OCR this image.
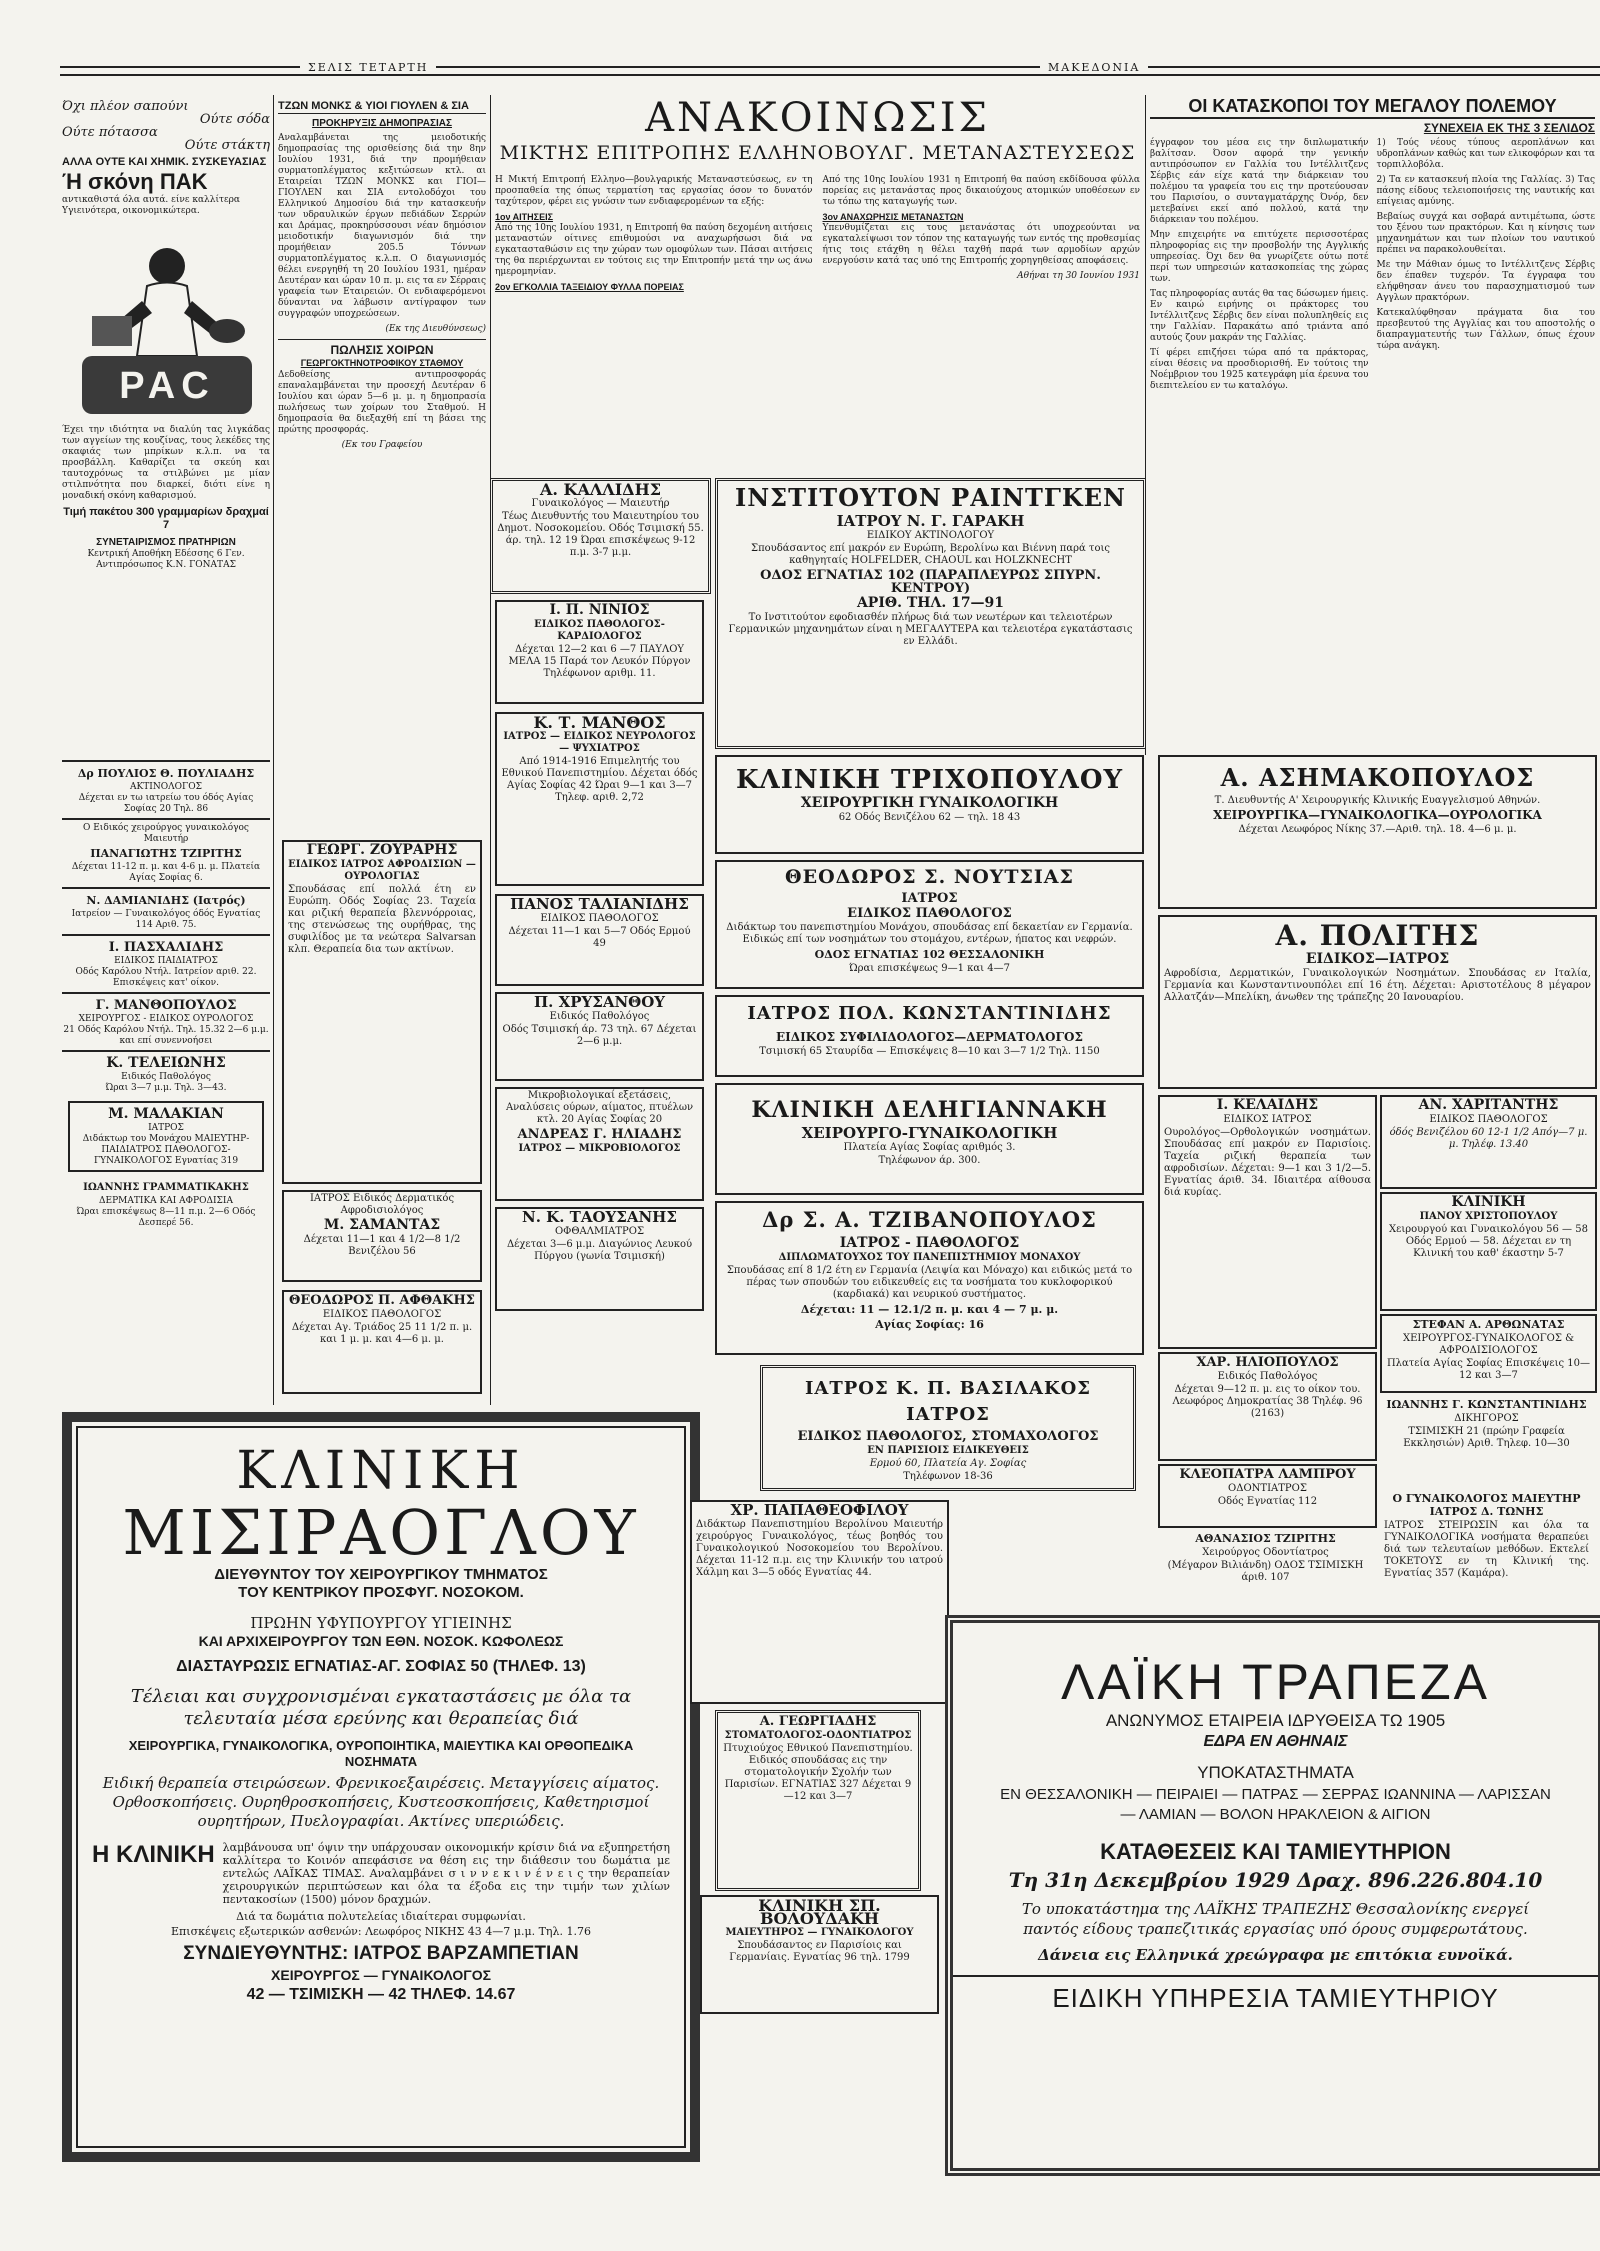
ΣΕΛΙΣ ΤΕΤΑΡΤΗ	ΜΑΚΕΔΟΝΙΑ
Όχι πλέον σαπούνι
Ούτε σόδα
Ούτε πότασσα
Ούτε στάκτη
ΑΛΛΑ ΟΥΤΕ ΚΑΙ ΧΗΜΙΚ. ΣΥΣΚΕΥΑΣΙΑΣ
Ή σκόνη ΠΑΚ
αντικαθιστά όλα αυτά. είνε καλλίτερα Υγιεινότερα, οικονομικώτερα.
PAC

Έχει την ιδιότητα να διαλύη τας λιγκάδας των αγγείων της κουζίνας, τους λεκέδες της σκαφιάς των μπρίκων κ.λ.π. να τα προσβάλλη. Καθαρίζει τα σκεύη και ταυτοχρόνως τα στιλβώνει με μίαν στιλπνότητα που διαρκεί, διότι είνε η μοναδική σκόνη καθαρισμού.

Τιμή πακέτου 300 γραμμαρίων δραχμαί 7
ΣΥΝΕΤΑΙΡΙΣΜΟΣ ΠΡΑΤΗΡΙΩΝ
Κεντρική Αποθήκη Εδέσσης 6 Γεν. Αντιπρόσωπος Κ.Ν. ΓΟΝΑΤΑΣ
Δρ ΠΟΥΛΙΟΣ Θ. ΠΟΥΛΙΑΔΗΣ
ΑΚΤΙΝΟΛΟΓΟΣ
Δέχεται εν τω ιατρείω του όδός Αγίας Σοφίας 20 Τηλ. 86
Ο Ειδικός χειρούργος γυναικολόγος Μαιευτήρ
ΠΑΝΑΓΙΩΤΗΣ ΤΖΙΡΙΤΗΣ
Δέχεται 11-12 π. μ. και 4-6 μ. μ. Πλατεία Αγίας Σοφίας 6.
Ν. ΔΑΜΙΑΝΙΔΗΣ (Ιατρός)
Ιατρείον — Γυναικολόγος όδός Εγνατίας 114 Αριθ. 75.
Ι. ΠΑΣΧΑΛΙΔΗΣ
ΕΙΔΙΚΟΣ ΠΑΙΔΙΑΤΡΟΣ
Οδός Καρόλου Ντήλ. Ιατρείον αριθ. 22. Επισκέψεις κατ' οίκον.
Γ. ΜΑΝΘΟΠΟΥΛΟΣ
ΧΕΙΡΟΥΡΓΟΣ - ΕΙΔΙΚΟΣ ΟΥΡΟΛΟΓΟΣ
21 Οδός Καρόλου Ντήλ. Τηλ. 15.32 2—6 μ.μ. και επί συνεννοήσει
Κ. ΤΕΛΕΙΩΝΗΣ
Ειδικός Παθολόγος
Ώραι 3—7 μ.μ. Τηλ. 3—43.
Μ. ΜΑΛΑΚΙΑΝ
ΙΑΤΡΟΣ
Διδάκτωρ του Μονάχου ΜΑΙΕΥΤΗΡ-ΠΑΙΔΙΑΤΡΟΣ ΠΑΘΟΛΟΓΟΣ-ΓΥΝΑΙΚΟΛΟΓΟΣ Εγνατίας 319
ΙΩΑΝΝΗΣ ΓΡΑΜΜΑΤΙΚΑΚΗΣ
ΔΕΡΜΑΤΙΚΑ ΚΑΙ ΑΦΡΟΔΙΣΙΑ
Ώραι επισκέψεως 8—11 π.μ. 2—6 Οδός Δεσπερέ 56.
ΤΖΩΝ ΜΟΝΚΣ & ΥΙΟΙ ΓΙΟΥΛΕΝ & ΣΙΑ
ΠΡΟΚΗΡΥΞΙΣ ΔΗΜΟΠΡΑΣΙΑΣ

Αναλαμβάνεται της μειοδοτικής δημοπρασίας της ορισθείσης διά την 8ην Ιουλίου 1931, διά την προμήθειαν συρματοπλέγματος κεξιτώσεων κτλ. αι Εταιρείαι ΤΖΩΝ ΜΟΝΚΣ και ΓΙΟΙ—ΓΙΟΥΛΕΝ και ΣΙΑ εντολοδόχοι του Ελληνικού Δημοσίου διά την κατασκευήν των υδραυλικών έργων πεδιάδων Σερρών και Δράμας, προκηρύσσουσι νέαν δημόσιον μειοδοτικήν διαγωνισμόν διά την προμήθειαν 205.5 Τόννων συρματοπλέγματος κ.λ.π. Ο διαγωνισμός θέλει ενεργηθή τη 20 Ιουλίου 1931, ημέραν Δευτέραν και ώραν 10 π. μ. εις τα εν Σέρραις γραφεία των Εταιρειών. Οι ενδιαφερόμενοι δύνανται να λάβωσιν αντίγραφον των συγγραφών υποχρεώσεων.

(Εκ της Διευθύνσεως)
ΠΩΛΗΣΙΣ ΧΟΙΡΩΝ
ΓΕΩΡΓΟΚΤΗΝΟΤΡΟΦΙΚΟΥ ΣΤΑΘΜΟΥ

Δεδοθείσης αντιπροσφοράς επαναλαμβάνεται την προσεχή Δευτέραν 6 Ιουλίου και ώραν 5—6 μ. μ. η δημοπρασία πωλήσεως των χοίρων του Σταθμού. Η δημοπρασία θα διεξαχθή επί τη βάσει της πρώτης προσφοράς.

(Εκ του Γραφείου
ΓΕΩΡΓ. ΖΟΥΡΑΡΗΣ
ΕΙΔΙΚΟΣ ΙΑΤΡΟΣ ΑΦΡΟΔΙΣΙΩΝ — ΟΥΡΟΛΟΓΙΑΣ
Σπουδάσας επί πολλά έτη εν Ευρώπη. Οδός Σοφίας 23. Ταχεία και ριζική θεραπεία βλεννόρροιας, της στενώσεως της ουρήθρας, της συφιλίδος με τα νεώτερα Salvarsan κλπ. Θεραπεία δια των ακτίνων.
ΙΑΤΡΟΣ Ειδικός Δερματικός Αφροδισιολόγος
Μ. ΣΑΜΑΝΤΑΣ
Δέχεται 11—1 και 4 1/2—8 1/2 Βενιζέλου 56
ΘΕΟΔΩΡΟΣ Π. ΑΦΘΑΚΗΣ
ΕΙΔΙΚΟΣ ΠΑΘΟΛΟΓΟΣ
Δέχεται Αγ. Τριάδος 25 11 1/2 π. μ. και 1 μ. μ. και 4—6 μ. μ.
ΑΝΑΚΟΙΝΩΣΙΣ
ΜΙΚΤΗΣ ΕΠΙΤΡΟΠΗΣ ΕΛΛΗΝΟΒΟΥΛΓ. ΜΕΤΑΝΑΣΤΕΥΣΕΩΣ

Η Μικτή Επιτροπή Ελληνο—βουλγαρικής Μεταναστεύσεως, εν τη προσπαθεία της όπως τερματίση τας εργασίας όσον το δυνατόν ταχύτερον, φέρει εις γνώσιν των ενδιαφερομένων τα εξής:

1ον ΑΙΤΗΣΕΙΣ

Από της 10ης Ιουλίου 1931, η Επιτροπή θα παύση δεχομένη αιτήσεις μεταναστών οίτινες επιθυμούσι να αναχωρήσωσι διά να εγκατασταθώσιν εις την χώραν των ομοφύλων των. Πάσαι αιτήσεις της θα περιέρχωνται εν τούτοις εις την Επιτροπήν μετά την ως άνω ημερομηνίαν.

2ον ΕΓΚΟΛΛΙΑ ΤΑΞΕΙΔΙΟΥ ΦΥΛΛΑ ΠΟΡΕΙΑΣ

Από της 10ης Ιουλίου 1931 η Επιτροπή θα παύση εκδίδουσα φύλλα πορείας εις μετανάστας προς δικαιούχους ατομικών υποθέσεων εν τω τόπω της καταγωγής των.

3ον ΑΝΑΧΩΡΗΣΙΣ ΜΕΤΑΝΑΣΤΩΝ

Υπενθυμίζεται εις τους μετανάστας ότι υποχρεούνται να εγκαταλείψωσι τον τόπον της καταγωγής των εντός της προθεσμίας ήτις τοις ετάχθη η θέλει ταχθή παρά των αρμοδίων αρχών ενεργούσιν κατά τας υπό της Επιτροπής χορηγηθείσας αποφάσεις.

Αθήναι τη 30 Ιουνίου 1931
Α. ΚΑΛΛΙΔΗΣ
Γυναικολόγος — Μαιευτήρ
Τέως Διευθυντής του Μαιευτηρίου του Δημοτ. Νοσοκομείου. Οδός Τσιμισκή 55. άρ. τηλ. 12 19 Ώραι επισκέψεως 9-12 π.μ. 3-7 μ.μ.
Ι. Π. ΝΙΝΙΟΣ
ΕΙΔΙΚΟΣ ΠΑΘΟΛΟΓΟΣ-ΚΑΡΔΙΟΛΟΓΟΣ
Δέχεται 12—2 και 6 —7 ΠΑΥΛΟΥ ΜΕΛΑ 15 Παρά τον Λευκόν Πύργον Τηλέφωνον αριθμ. 11.
Κ. Τ. ΜΑΝΘΟΣ
ΙΑΤΡΟΣ — ΕΙΔΙΚΟΣ ΝΕΥΡΟΛΟΓΟΣ — ΨΥΧΙΑΤΡΟΣ
Από 1914-1916 Επιμελητής του Εθνικού Πανεπιστημίου. Δέχεται όδός Αγίας Σοφίας 42 Ώραι 9—1 και 3—7 Τηλεφ. αριθ. 2,72
ΠΑΝΟΣ ΤΑΛΙΑΝΙΔΗΣ
ΕΙΔΙΚΟΣ ΠΑΘΟΛΟΓΟΣ
Δέχεται 11—1 και 5—7 Οδός Ερμού 49
Π. ΧΡΥΣΑΝΘΟΥ
Ειδικός Παθολόγος
Οδός Τσιμισκή άρ. 73 τηλ. 67 Δέχεται 2—6 μ.μ.
Μικροβιολογικαί εξετάσεις, Αναλύσεις ούρων, αίματος, πτυέλων κτλ. 20 Αγίας Σοφίας 20
ΑΝΔΡΕΑΣ Γ. ΗΛΙΑΔΗΣ
ΙΑΤΡΟΣ — ΜΙΚΡΟΒΙΟΛΟΓΟΣ
Ν. Κ. ΤΑΟΥΣΑΝΗΣ
ΟΦΘΑΛΜΙΑΤΡΟΣ
Δέχεται 3—6 μ.μ. Διαγώνιος Λευκού Πύργου (γωνία Τσιμισκή)
ΙΝΣΤΙΤΟΥΤΟΝ ΡΑΙΝΤΓΚΕΝ
ΙΑΤΡΟΥ Ν. Γ. ΓΑΡΑΚΗ
ΕΙΔΙΚΟΥ ΑΚΤΙΝΟΛΟΓΟΥ
Σπουδάσαντος επί μακρόν εν Ευρώπη, Βερολίνω και Βιέννη παρά τοις καθηγηταίς HOLFELDER, CHAOUL και HOLZKNECHT
ΟΔΟΣ ΕΓΝΑΤΙΑΣ 102 (ΠΑΡΑΠΛΕΥΡΩΣ ΣΠΥΡΝ. ΚΕΝΤΡΟΥ)
ΑΡΙΘ. ΤΗΛ. 17—91
Το Ινστιτούτον εφοδιασθέν πλήρως διά των νεωτέρων και τελειοτέρων Γερμανικών μηχανημάτων είναι η ΜΕΓΑΛΥΤΕΡΑ και τελειοτέρα εγκατάστασις εν Ελλάδι.
ΚΛΙΝΙΚΗ ΤΡΙΧΟΠΟΥΛΟΥ
ΧΕΙΡΟΥΡΓΙΚΗ ΓΥΝΑΙΚΟΛΟΓΙΚΗ
62 Οδός Βενιζέλου 62 — τηλ. 18 43
ΘΕΟΔΩΡΟΣ Σ. ΝΟΥΤΣΙΑΣ
ΙΑΤΡΟΣ
ΕΙΔΙΚΟΣ ΠΑΘΟΛΟΓΟΣ
Διδάκτωρ του πανεπιστημίου Μονάχου, σπουδάσας επί δεκαετίαν εν Γερμανία. Ειδικώς επί των νοσημάτων του στομάχου, εντέρων, ήπατος και νεφρών.
ΟΔΟΣ ΕΓΝΑΤΙΑΣ 102 ΘΕΣΣΑΛΟΝΙΚΗ
Ώραι επισκέψεως 9—1 και 4—7
ΙΑΤΡΟΣ ΠΟΛ. ΚΩΝΣΤΑΝΤΙΝΙΔΗΣ
ΕΙΔΙΚΟΣ ΣΥΦΙΛΙΔΟΛΟΓΟΣ—ΔΕΡΜΑΤΟΛΟΓΟΣ
Τσιμισκή 65 Σταυρίδα — Επισκέψεις 8—10 και 3—7 1/2 Τηλ. 1150
ΚΛΙΝΙΚΗ ΔΕΛΗΓΙΑΝΝΑΚΗ
ΧΕΙΡΟΥΡΓΟ-ΓΥΝΑΙΚΟΛΟΓΙΚΗ
Πλατεία Αγίας Σοφίας αριθμός 3.
Τηλέφωνον άρ. 300.
Δρ Σ. Α. ΤΖΙΒΑΝΟΠΟΥΛΟΣ
ΙΑΤΡΟΣ - ΠΑΘΟΛΟΓΟΣ
ΔΙΠΛΩΜΑΤΟΥΧΟΣ ΤΟΥ ΠΑΝΕΠΙΣΤΗΜΙΟΥ ΜΟΝΑΧΟΥ
Σπουδάσας επί 8 1/2 έτη εν Γερμανία (Λειψία και Μόναχο) και ειδικώς μετά το πέρας των σπουδών του ειδικευθείς εις τα νοσήματα του κυκλοφορικού (καρδιακά) και νευρικού συστήματος.
Δέχεται: 11 — 12.1/2 π. μ. και 4 — 7 μ. μ.
Αγίας Σοφίας: 16
ΙΑΤΡΟΣ Κ. Π. ΒΑΣΙΛΑΚΟΣ ΙΑΤΡΟΣ
ΕΙΔΙΚΟΣ ΠΑΘΟΛΟΓΟΣ, ΣΤΟΜΑΧΟΛΟΓΟΣ
ΕΝ ΠΑΡΙΣΙΟΙΣ ΕΙΔΙΚΕΥΘΕΙΣ
Ερμού 60, Πλατεία Αγ. Σοφίας
Τηλέφωνον 18-36
ΚΛΙΝΙΚΗ
ΜΙΣΙΡΑΟΓΛΟΥ
ΔΙΕΥΘΥΝΤΟΥ ΤΟΥ ΧΕΙΡΟΥΡΓΙΚΟΥ ΤΜΗΜΑΤΟΣ
ΤΟΥ ΚΕΝΤΡΙΚΟΥ ΠΡΟΣΦΥΓ. ΝΟΣΟΚΟΜ.
ΠΡΩΗΝ ΥΦΥΠΟΥΡΓΟΥ ΥΓΙΕΙΝΗΣ
ΚΑΙ ΑΡΧΙΧΕΙΡΟΥΡΓΟΥ ΤΩΝ ΕΘΝ. ΝΟΣΟΚ. ΚΩΦΟΛΕΩΣ
ΔΙΑΣΤΑΥΡΩΣΙΣ ΕΓΝΑΤΙΑΣ-ΑΓ. ΣΟΦΙΑΣ 50 (ΤΗΛΕΦ. 13)
Τέλειαι και συγχρονισμέναι εγκαταστάσεις με όλα τα τελευταία μέσα ερεύνης και θεραπείας διά
ΧΕΙΡΟΥΡΓΙΚΑ, ΓΥΝΑΙΚΟΛΟΓΙΚΑ, ΟΥΡΟΠΟΙΗΤΙΚΑ, ΜΑΙΕΥΤΙΚΑ ΚΑΙ ΟΡΘΟΠΕΔΙΚΑ ΝΟΣΗΜΑΤΑ
Ειδική θεραπεία στειρώσεων. Φρενικοεξαιρέσεις. Μεταγγίσεις αίματος. Ορθοσκοπήσεις. Ουρηθροσκοπήσεις, Κυστεοσκοπήσεις, Καθετηρισμοί ουρητήρων, Πυελογραφίαι. Ακτίνες υπεριώδεις.
Η ΚΛΙΝΙΚΗ λαμβάνουσα υπ' όψιν την υπάρχουσαν οικονομικήν κρίσιν διά να εξυπηρετήση καλλίτερα το Κοινόν απεφάσισε να θέση εις την διάθεσιν του δωμάτια με εντελώς ΛΑΪΚΑΣ ΤΙΜΑΣ. Αναλαμβάνει σ ι ν ν ε κ ι ν έ ν ε ι ς την θεραπείαν χειρουργικών περιπτώσεων και όλα τα έξοδα εις την τιμήν των χιλίων πεντακοσίων (1500) μόνον δραχμών.
Διά τα δωμάτια πολυτελείας ιδιαίτεραι συμφωνίαι.
Επισκέψεις εξωτερικών ασθενών: Λεωφόρος ΝΙΚΗΣ 43 4—7 μ.μ. Τηλ. 1.76
ΣΥΝΔΙΕΥΘΥΝΤΗΣ: ΙΑΤΡΟΣ ΒΑΡΖΑΜΠΕΤΙΑΝ
ΧΕΙΡΟΥΡΓΟΣ — ΓΥΝΑΙΚΟΛΟΓΟΣ
42 — ΤΣΙΜΙΣΚΗ — 42 ΤΗΛΕΦ. 14.67
ΧΡ. ΠΑΠΑΘΕΟΦΙΛΟΥ
Διδάκτωρ Πανεπιστημίου Βερολίνου Μαιευτήρ χειρούργος Γυναικολόγος, τέως βοηθός του Γυναικολογικού Νοσοκομείου του Βερολίνου. Δέχεται 11-12 π.μ. εις την Κλινικήν του ιατρού Χάλμη και 3—5 οδός Εγνατίας 44.
Α. ΓΕΩΡΓΙΑΔΗΣ
ΣΤΟΜΑΤΟΛΟΓΟΣ-ΟΔΟΝΤΙΑΤΡΟΣ
Πτυχιούχος Εθνικού Πανεπιστημίου. Ειδικός σπουδάσας εις την στοματολογικήν Σχολήν των Παρισίων. ΕΓΝΑΤΙΑΣ 327 Δέχεται 9—12 και 3—7
ΚΛΙΝΙΚΗ ΣΠ. ΒΟΛΟΥΔΑΚΗ
ΜΑΙΕΥΤΗΡΟΣ — ΓΥΝΑΙΚΟΛΟΓΟΥ
Σπουδάσαντος εν Παρισίοις και Γερμανίαις. Εγνατίας 96 τηλ. 1799
ΟΙ ΚΑΤΑΣΚΟΠΟΙ ΤΟΥ ΜΕΓΑΛΟΥ ΠΟΛΕΜΟΥ
ΣΥΝΕΧΕΙΑ ΕΚ ΤΗΣ 3 ΣΕΛΙΔΟΣ

έγγραφον του μέσα εις την διπλωματικήν βαλίτσαν. Όσον αφορά την γενικήν αντιπρόσωπον εν Γαλλία του Ιντέλλιτζενς Σέρβις εάν είχε κατά την διάρκειαν του πολέμου τα γραφεία του εις την προτεύουσαν του Παρισίου, ο συνταγματάρχης Όνόρ, δεν μετεβαίνει εκεί από πολλού, κατά την διάρκειαν του πολέμου.

Μην επιχειρήτε να επιτύχετε περισσοτέρας πληροφορίας εις την προσβολήν της Αγγλικής υπηρεσίας. Όχι δεν θα γνωρίζετε ούτω ποτέ περί των υπηρεσιών κατασκοπείας της χώρας των.

Τας πληροφορίας αυτάς θα τας δώσωμεν ήμεις. Εν καιρώ ειρήνης οι πράκτορες του Ιντέλλιτζενς Σέρβις δεν είναι πολυπληθείς εις την Γαλλίαν. Παρακάτω από τριάντα από αυτούς ζουν μακράν της Γαλλίας.

Τί φέρει επιζήσει τώρα από τα πράκτορας, είναι θέσεις να προσδιορισθή. Εν τούτοις την Νοέμβριον του 1925 κατεγράφη μία έρευνα του διεπιτελείου εν τω καταλόγω.

1) Τούς νέους τύπους αεροπλάνων και υδροπλάνων καθώς και των ελικοφόρων και τα τορπιλλοβόλα.

2) Τα εν κατασκευή πλοία της Γαλλίας. 3) Τας πάσης είδους τελειοποιήσεις της ναυτικής και επίγειας αμύνης.

Βεβαίως συγχά και σοβαρά αντιμέτωπα, ώστε του ξένου των πρακτόρων. Και η κίνησις των μηχανημάτων και των πλοίων του ναυτικού πρέπει να παρακολουθείται.

Με την Μάθιαν όμως το Ιντέλλιτζενς Σέρβις δεν έπαθεν τυχερόν. Τα έγγραφα του ελήφθησαν άνευ του παρασχηματισμού των Αγγλων πρακτόρων.

Κατεκαλύφθησαν πράγματα δια του πρεσβευτού της Αγγλίας και του αποστολής ο διαπραγματευτής των Γάλλων, όπως έχουν τώρα ανάγκη.

Α. ΑΣΗΜΑΚΟΠΟΥΛΟΣ
Τ. Διευθυντής Α' Χειρουργικής Κλινικής Ευαγγελισμού Αθηνών.
ΧΕΙΡΟΥΡΓΙΚΑ—ΓΥΝΑΙΚΟΛΟΓΙΚΑ—ΟΥΡΟΛΟΓΙΚΑ
Δέχεται Λεωφόρος Νίκης 37.—Αριθ. τηλ. 18. 4—6 μ. μ.
Α. ΠΟΛΙΤΗΣ
ΕΙΔΙΚΟΣ—ΙΑΤΡΟΣ
Αφροδίσια, Δερματικών, Γυναικολογικών Νοσημάτων. Σπουδάσας εν Ιταλία, Γερμανία και Κωνσταντινουπόλει επί 16 έτη. Δέχεται: Αριστοτέλους 8 μέγαρον Αλλατζάν—Μπελίκη, άνωθεν της τράπεζης 20 Ιανουαρίου.
Ι. ΚΕΛΑΙΔΗΣ
ΕΙΔΙΚΟΣ ΙΑΤΡΟΣ
Ουρολόγος—Ορθολογικών νοσημάτων. Σπουδάσας επί μακρόν εν Παρισίοις. Ταχεία ριζική θεραπεία των αφροδισίων. Δέχεται: 9—1 και 3 1/2—5. Εγνατίας άριθ. 34. Ιδιαιτέρα αίθουσα διά κυρίας.
ΑΝ. ΧΑΡΙΤΑΝΤΗΣ
ΕΙΔΙΚΟΣ ΠΑΘΟΛΟΓΟΣ
όδός Βενιζέλου 60 12-1 1/2 Απόγ—7 μ. μ. Τηλέφ. 13.40
ΚΛΙΝΙΚΗ
ΠΑΝΟΥ ΧΡΙΣΤΟΠΟΥΛΟΥ
Χειρουργού και Γυναικολόγου 56 — 58 Οδός Ερμού — 58. Δέχεται εν τη Κλινική του καθ' έκαστην 5-7
ΧΑΡ. ΗΛΙΟΠΟΥΛΟΣ
Ειδικός Παθολόγος
Δέχεται 9—12 π. μ. εις το οίκον του. Λεωφόρος Δημοκρατίας 38 Τηλέφ. 96 (2163)
ΣΤΕΦΑΝ Α. ΑΡΘΩΝΑΤΑΣ
ΧΕΙΡΟΥΡΓΟΣ-ΓΥΝΑΙΚΟΛΟΓΟΣ & ΑΦΡΟΔΙΣΙΟΛΟΓΟΣ
Πλατεία Αγίας Σοφίας Επισκέψεις 10—12 και 3—7
ΚΛΕΟΠΑΤΡΑ ΛΑΜΠΡΟΥ
ΟΔΟΝΤΙΑΤΡΟΣ
Οδός Εγνατίας 112
ΙΩΑΝΝΗΣ Γ. ΚΩΝΣΤΑΝΤΙΝΙΔΗΣ
ΔΙΚΗΓΟΡΟΣ
ΤΣΙΜΙΣΚΗ 21 (πρώην Γραφεία Εκκλησιών) Αριθ. Τηλεφ. 10—30
ΑΘΑΝΑΣΙΟΣ ΤΖΙΡΙΤΗΣ
Χειρούργος Οδοντίατρος
(Μέγαρον Βιλιάνδη) ΟΔΟΣ ΤΣΙΜΙΣΚΗ άριθ. 107
Ο ΓΥΝΑΙΚΟΛΟΓΟΣ ΜΑΙΕΥΤΗΡ ΙΑΤΡΟΣ Δ. ΤΩΝΗΣ
ΙΑΤΡΟΣ ΣΤΕΙΡΩΣΙΝ και όλα τα ΓΥΝΑΙΚΟΛΟΓΙΚΑ νοσήματα θεραπεύει διά των τελευταίων μεθόδων. Εκτελεί ΤΟΚΕΤΟΥΣ εν τη Κλινική της. Εγνατίας 357 (Καμάρα).
ΛΑΪΚΗ ΤΡΑΠΕΖΑ
ΑΝΩΝΥΜΟΣ ΕΤΑΙΡΕΙΑ ΙΔΡΥΘΕΙΣΑ ΤΩ 1905
ΕΔΡΑ ΕΝ ΑΘΗΝΑΙΣ
ΥΠΟΚΑΤΑΣΤΗΜΑΤΑ
ΕΝ ΘΕΣΣΑΛΟΝΙΚΗ — ΠΕΙΡΑΙΕΙ — ΠΑΤΡΑΣ — ΣΕΡΡΑΣ ΙΩΑΝΝΙΝΑ — ΛΑΡΙΣΣΑΝ — ΛΑΜΙΑΝ — ΒΟΛΟΝ ΗΡΑΚΛΕΙΟΝ & ΑΙΓΙΟΝ
ΚΑΤΑΘΕΣΕΙΣ ΚΑΙ ΤΑΜΙΕΥΤΗΡΙΟΝ
Τη 31η Δεκεμβρίου 1929 Δραχ. 896.226.804.10
Το υποκατάστημα της ΛΑΪΚΗΣ ΤΡΑΠΕΖΗΣ Θεσσαλονίκης ενεργεί παντός είδους τραπεζιτικάς εργασίας υπό όρους συμφερωτάτους.
Δάνεια εις Ελληνικά χρεώγραφα με επιτόκια ευνοϊκά.
ΕΙΔΙΚΗ ΥΠΗΡΕΣΙΑ ΤΑΜΙΕΥΤΗΡΙΟΥ
